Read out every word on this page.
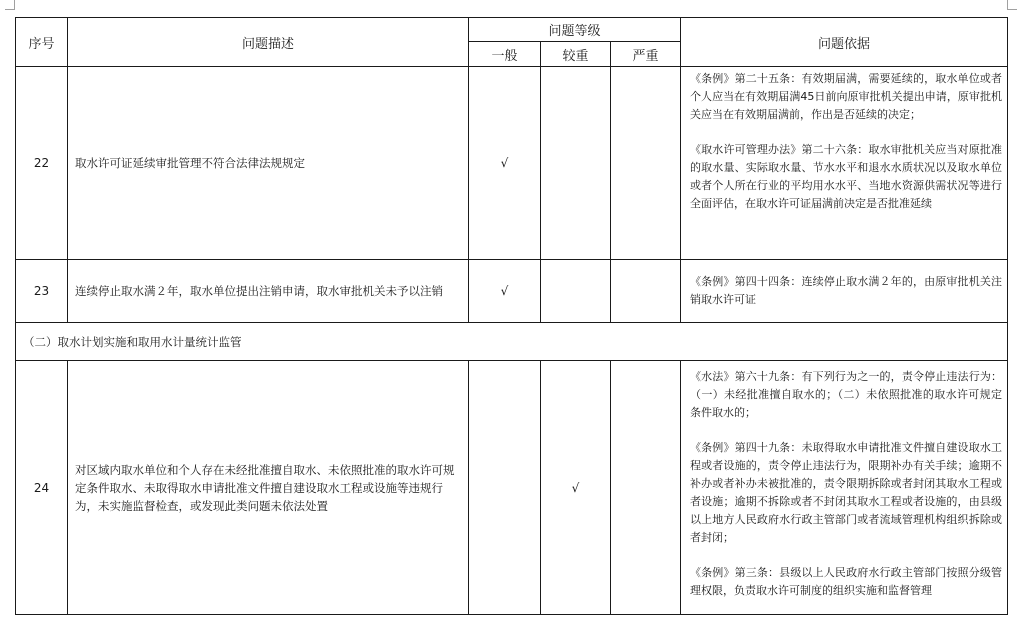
序号	问题描述	问题等级			问题依据
		一般	较重	严重	
22	取水许可证延续审批管理不符合法律法规规定	√			《条例》第二十五条：有效期届满，需要延续的，取水单位或者个人应当在有效期届满45日前向原审批机关提出申请，原审批机关应当在有效期届满前，作出是否延续的决定；

《取水许可管理办法》第二十六条：取水审批机关应当对原批准的取水量、实际取水量、节水水平和退水水质状况以及取水单位或者个人所在行业的平均用水水平、当地水资源供需状况等进行全面评估，在取水许可证届满前决定是否批准延续

23	连续停止取水满２年，取水单位提出注销申请，取水审批机关未予以注销	√			《条例》第四十四条：连续停止取水满２年的，由原审批机关注销取水许可证

（二）取水计划实施和取用水计量统计监管					
24	对区域内取水单位和个人存在未经批准擅自取水、未依照批准的取水许可规定条件取水、未取得取水申请批准文件擅自建设取水工程或设施等违规行为，未实施监督检查，或发现此类问题未依法处置		√		《水法》第六十九条：有下列行为之一的，责令停止违法行为：（一）未经批准擅自取水的；（二）未依照批准的取水许可规定条件取水的；

《条例》第四十九条：未取得取水申请批准文件擅自建设取水工程或者设施的，责令停止违法行为，限期补办有关手续；逾期不补办或者补办未被批准的，责令限期拆除或者封闭其取水工程或者设施；逾期不拆除或者不封闭其取水工程或者设施的，由县级以上地方人民政府水行政主管部门或者流域管理机构组织拆除或者封闭；

《条例》第三条：县级以上人民政府水行政主管部门按照分级管理权限，负责取水许可制度的组织实施和监督管理
